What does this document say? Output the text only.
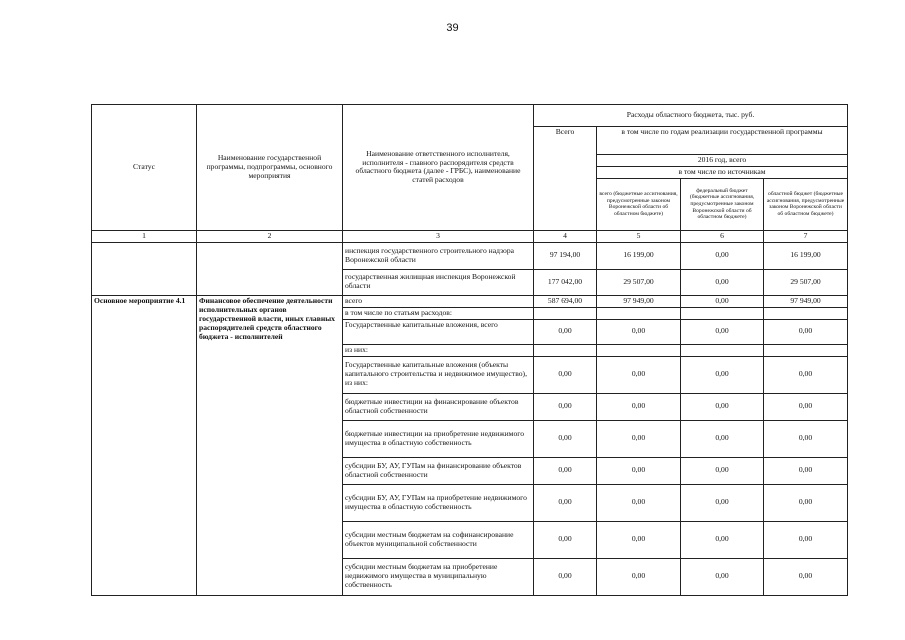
39
Статус	Наименование государственной программы, подпрограммы, основного мероприятия	Наименование ответственного исполнителя, исполнителя - главного распорядителя средств областного бюджета (далее - ГРБС), наименование статей расходов	Расходы областного бюджета, тыс. руб.			
			Всего	в том числе по годам реализации государственной программы		
				2016 год, всего		
				в том числе по источникам		
				всего (бюджетные ассигнования, предусмотренные законом Воронежской области об областном бюджете)	федеральный бюджет (бюджетные ассигнования, предусмотренные законом Воронежской области об областном бюджете)	областной бюджет (бюджетные ассигнования, предусмотренные законом Воронежской области об областном бюджете)
1	2	3	4	5	6	7
		инспекция государственного строительного надзора Воронежской области	97 194,00	16 199,00	0,00	16 199,00
		государственная жилищная инспекция Воронежской области	177 042,00	29 507,00	0,00	29 507,00
Основное мероприятие 4.1	Финансовое обеспечение деятельности исполнительных органов государственной власти, иных главных распорядителей средств областного бюджета - исполнителей	всего	587 694,00	97 949,00	0,00	97 949,00
		в том числе по статьям расходов:				
		Государственные капитальные вложения, всего	0,00	0,00	0,00	0,00
		из них:				
		Государственные капитальные вложения (объекты капитального строительства и недвижимое имущество), из них:	0,00	0,00	0,00	0,00
		бюджетные инвестиции на финансирование объектов областной собственности	0,00	0,00	0,00	0,00
		бюджетные инвестиции на приобретение недвижимого имущества в областную собственность	0,00	0,00	0,00	0,00
		субсидии БУ, АУ, ГУПам на финансирование объектов областной собственности	0,00	0,00	0,00	0,00
		субсидии БУ, АУ, ГУПам на приобретение недвижимого имущества в областную собственность	0,00	0,00	0,00	0,00
		субсидии местным бюджетам на софинансирование объектов муниципальной собственности	0,00	0,00	0,00	0,00
		субсидии местным бюджетам на приобретение недвижимого имущества в муниципальную собственность	0,00	0,00	0,00	0,00
